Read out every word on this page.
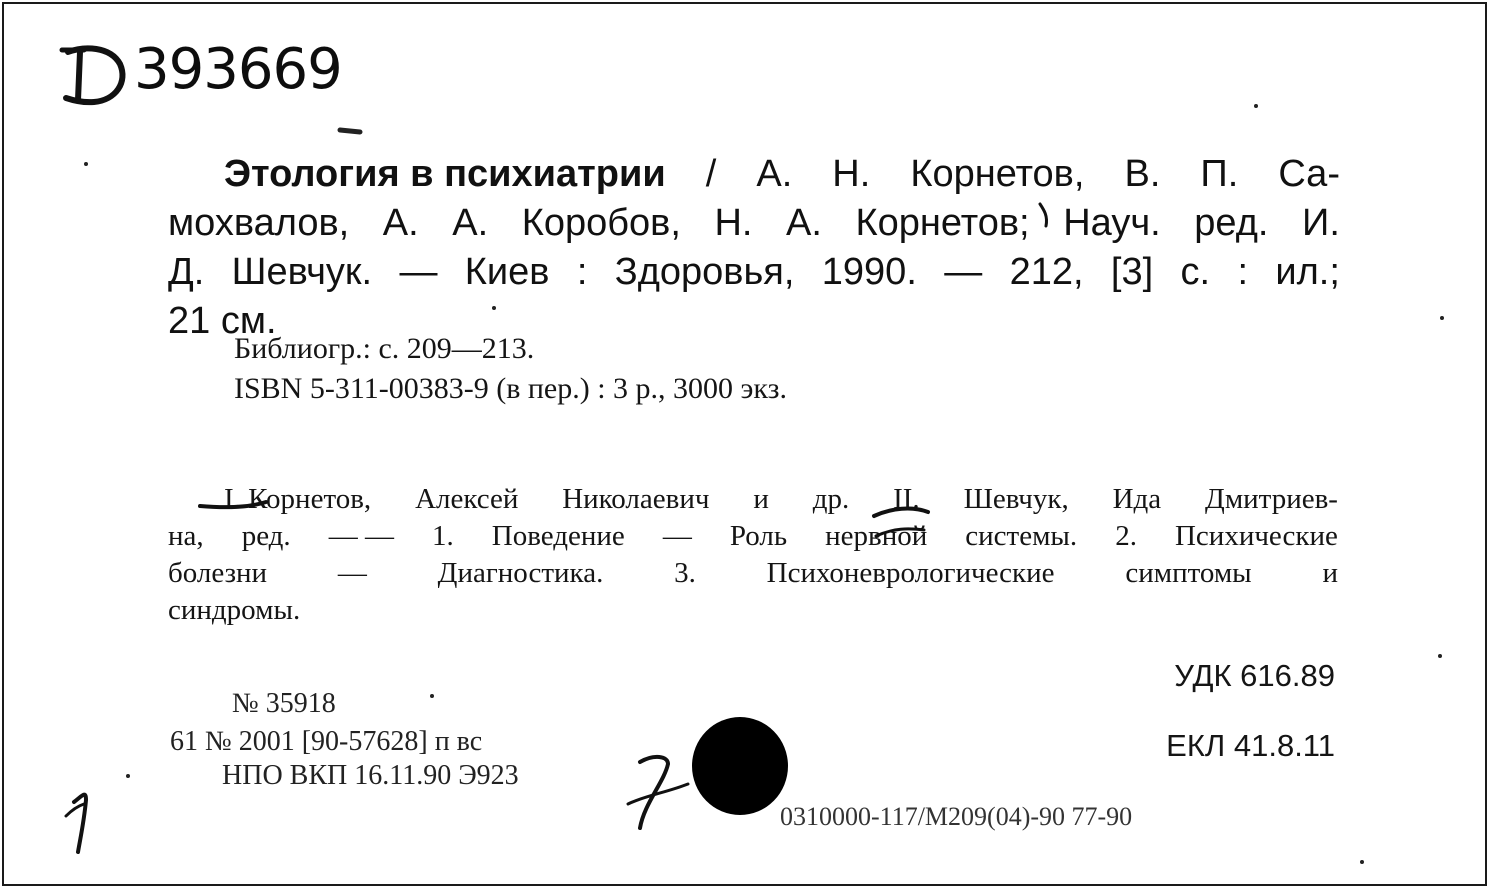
393669
Этология в психиатрии / А. Н. Корнетов, В. П. Са-
мохвалов, А. А. Коробов, Н. А. Корнетов; Науч. ред. И.
Д. Шевчук. — Киев : Здоровья, 1990. — 212, [3] с. : ил.;
21 см.
Библиогр.: с. 209—213.
ISBN 5-311-00383-9 (в пер.) : 3 р., 3000 экз.
I. Корнетов, Алексей Николаевич и др. II. Шевчук, Ида Дмитриев-
на, ред. — — 1. Поведение — Роль нервной системы. 2. Психические
болезни — Диагностика. 3. Психоневрологические симптомы и
синдромы.
УДК 616.89
ЕКЛ 41.8.11
№ 35918
61 № 2001 [90-57628] п вс
НПО ВКП 16.11.90 Э923
0310000-117/М209(04)-90 77-90
